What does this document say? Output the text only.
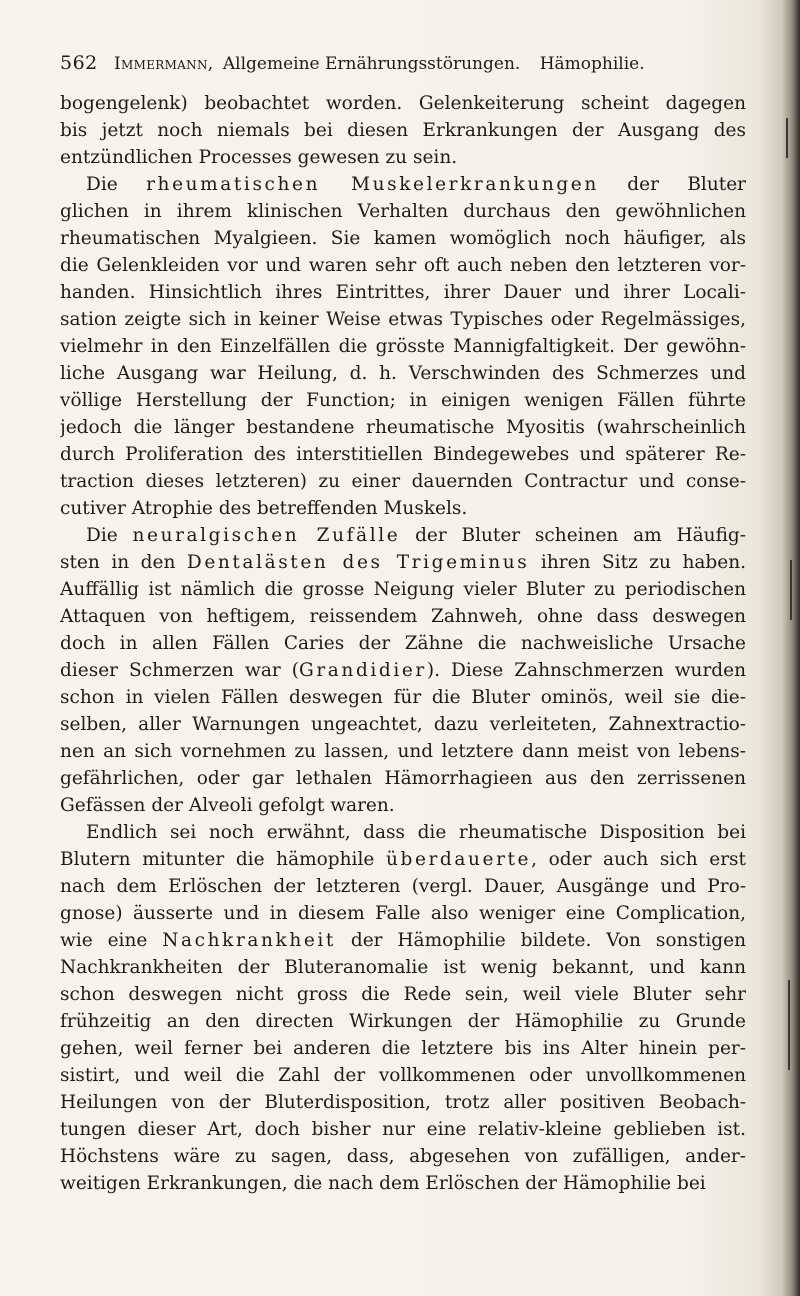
562 Immermann, Allgemeine Ernährungsstörungen. Hämophilie.
bogengelenk) beobachtet worden. Gelenkeiterung scheint dagegen
bis jetzt noch niemals bei diesen Erkrankungen der Ausgang des
entzündlichen Processes gewesen zu sein.
Die rheumatischen Muskelerkrankungen der Bluter
glichen in ihrem klinischen Verhalten durchaus den gewöhnlichen
rheumatischen Myalgieen. Sie kamen womöglich noch häufiger, als
die Gelenkleiden vor und waren sehr oft auch neben den letzteren vor-
handen. Hinsichtlich ihres Eintrittes, ihrer Dauer und ihrer Locali-
sation zeigte sich in keiner Weise etwas Typisches oder Regelmässiges,
vielmehr in den Einzelfällen die grösste Mannigfaltigkeit. Der gewöhn-
liche Ausgang war Heilung, d. h. Verschwinden des Schmerzes und
völlige Herstellung der Function; in einigen wenigen Fällen führte
jedoch die länger bestandene rheumatische Myositis (wahrscheinlich
durch Proliferation des interstitiellen Bindegewebes und späterer Re-
traction dieses letzteren) zu einer dauernden Contractur und conse-
cutiver Atrophie des betreffenden Muskels.
Die neuralgischen Zufälle der Bluter scheinen am Häufig-
sten in den Dentalästen des Trigeminus ihren Sitz zu haben.
Auffällig ist nämlich die grosse Neigung vieler Bluter zu periodischen
Attaquen von heftigem, reissendem Zahnweh, ohne dass deswegen
doch in allen Fällen Caries der Zähne die nachweisliche Ursache
dieser Schmerzen war (Grandidier). Diese Zahnschmerzen wurden
schon in vielen Fällen deswegen für die Bluter ominös, weil sie die-
selben, aller Warnungen ungeachtet, dazu verleiteten, Zahnextractio-
nen an sich vornehmen zu lassen, und letztere dann meist von lebens-
gefährlichen, oder gar lethalen Hämorrhagieen aus den zerrissenen
Gefässen der Alveoli gefolgt waren.
Endlich sei noch erwähnt, dass die rheumatische Disposition bei
Blutern mitunter die hämophile überdauerte, oder auch sich erst
nach dem Erlöschen der letzteren (vergl. Dauer, Ausgänge und Pro-
gnose) äusserte und in diesem Falle also weniger eine Complication,
wie eine Nachkrankheit der Hämophilie bildete. Von sonstigen
Nachkrankheiten der Bluteranomalie ist wenig bekannt, und kann
schon deswegen nicht gross die Rede sein, weil viele Bluter sehr
frühzeitig an den directen Wirkungen der Hämophilie zu Grunde
gehen, weil ferner bei anderen die letztere bis ins Alter hinein per-
sistirt, und weil die Zahl der vollkommenen oder unvollkommenen
Heilungen von der Bluterdisposition, trotz aller positiven Beobach-
tungen dieser Art, doch bisher nur eine relativ-kleine geblieben ist.
Höchstens wäre zu sagen, dass, abgesehen von zufälligen, ander-
weitigen Erkrankungen, die nach dem Erlöschen der Hämophilie bei
